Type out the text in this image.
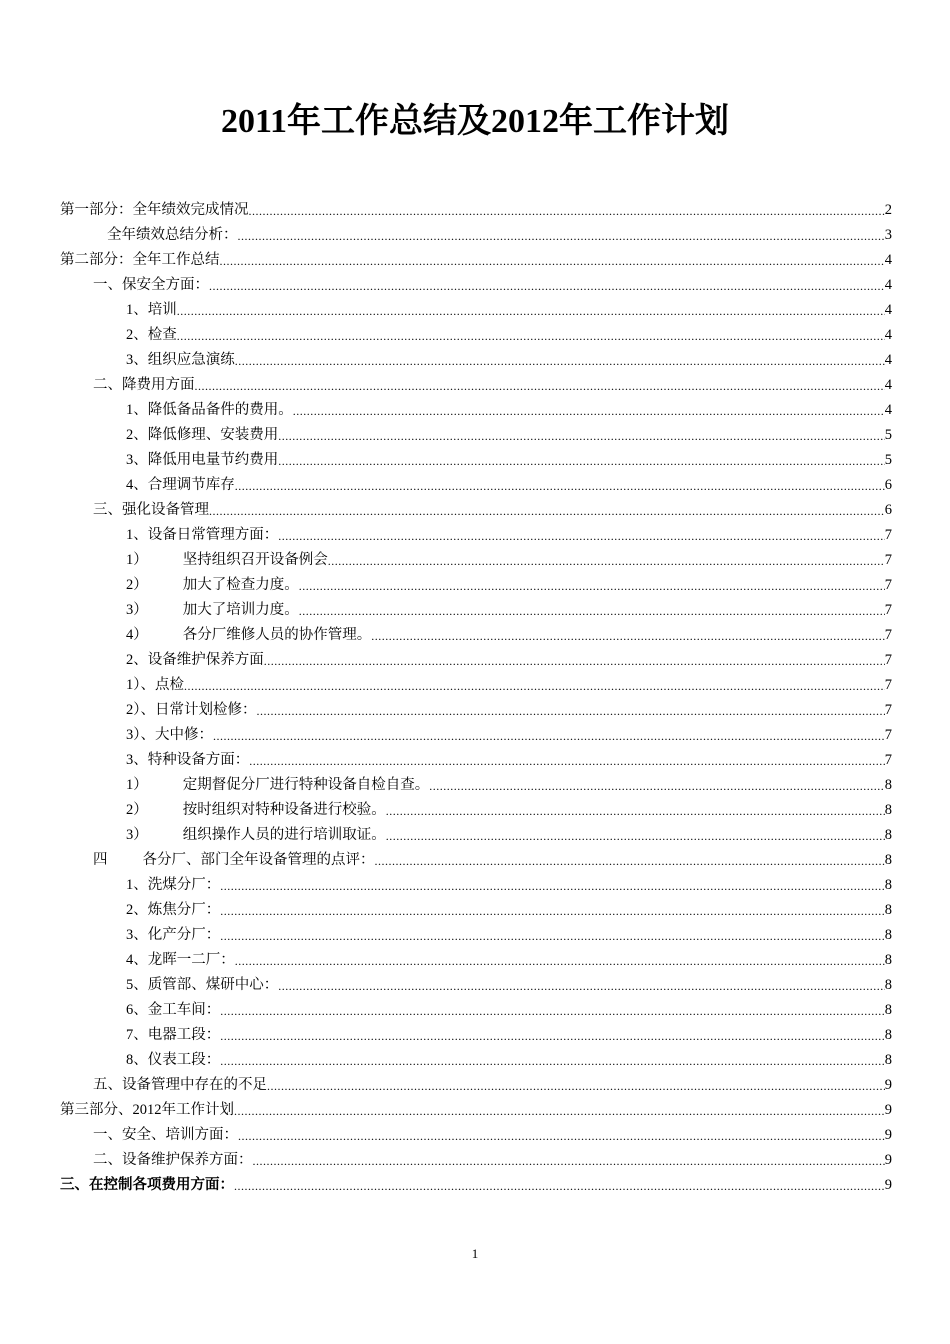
2011年工作总结及2012年工作计划
第一部分：全年绩效完成情况 .....	2
全年绩效总结分析： .....	3
第二部分：全年工作总结 .....	4
一、保安全方面： .....	4
1、培训 .....	4
2、检查 .....	4
3、组织应急演练 .....	4
二、降费用方面 .....	4
1、降低备品备件的费用。 .....	4
2、降低修理、安装费用 .....	5
3、降低用电量节约费用 .....	5
4、合理调节库存 .....	6
三、强化设备管理 .....	6
1、设备日常管理方面： .....	7
1） 坚持组织召开设备例会 .....	7
2） 加大了检查力度。 .....	7
3） 加大了培训力度。 .....	7
4） 各分厂维修人员的协作管理。 .....	7
2、设备维护保养方面 .....	7
1）、点检 .....	7
2）、日常计划检修： .....	7
3）、大中修： .....	7
3、特种设备方面： .....	7
1） 定期督促分厂进行特种设备自检自查。 .....	8
2） 按时组织对特种设备进行校验。 .....	8
3） 组织操作人员的进行培训取证。 .....	8
四 各分厂、部门全年设备管理的点评： .....	8
1、洗煤分厂： .....	8
2、炼焦分厂： .....	8
3、化产分厂： .....	8
4、龙晖一二厂： .....	8
5、质管部、煤研中心： .....	8
6、金工车间： .....	8
7、电器工段： .....	8
8、仪表工段： .....	8
五、设备管理中存在的不足 .....	9
第三部分、2012年工作计划 .....	9
一、安全、培训方面： .....	9
二、设备维护保养方面： .....	9
三、在控制各项费用方面： .....	9
1
